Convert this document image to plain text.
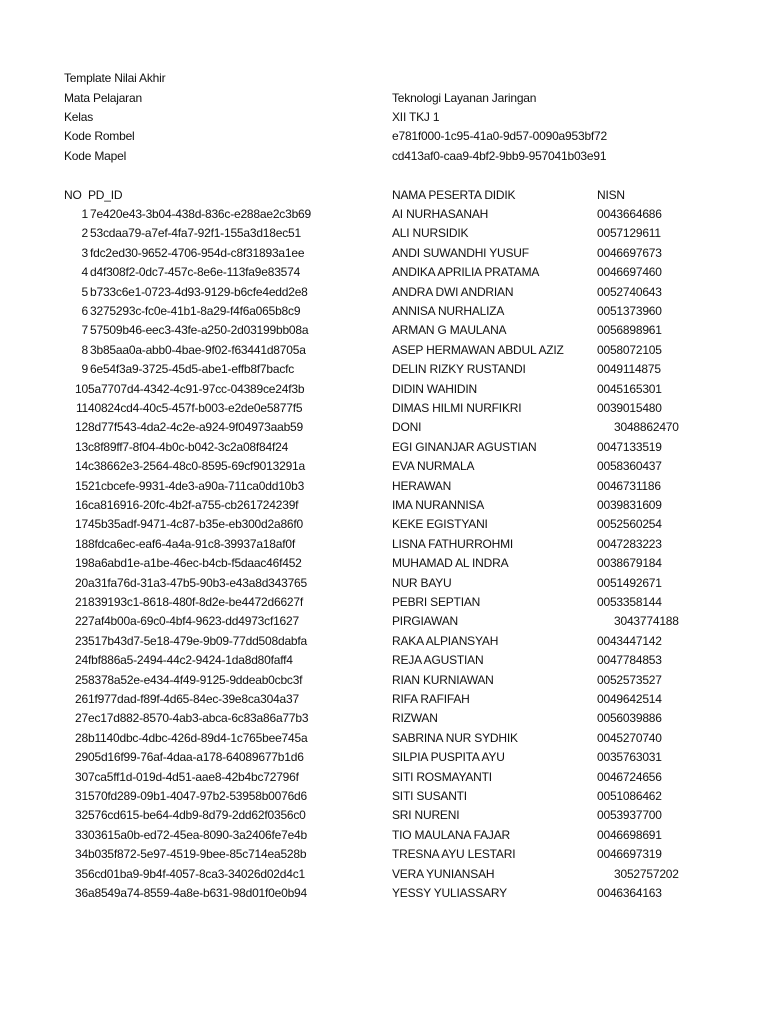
Template Nilai Akhir
Mata Pelajaran	Teknologi Layanan Jaringan
Kelas	XII TKJ 1
Kode Rombel	e781f000-1c95-41a0-9d57-0090a953bf72
Kode Mapel	cd413af0-caa9-4bf2-9bb9-957041b03e91
NO PD_ID	NAMA PESERTA DIDIK	NISN
1 7e420e43-3b04-438d-836c-e288ae2c3b69	AI NURHASANAH	0043664686
2 53cdaa79-a7ef-4fa7-92f1-155a3d18ec51	ALI NURSIDIK	0057129611
3 fdc2ed30-9652-4706-954d-c8f31893a1ee	ANDI SUWANDHI YUSUF	0046697673
4 d4f308f2-0dc7-457c-8e6e-113fa9e83574	ANDIKA APRILIA PRATAMA	0046697460
5 b733c6e1-0723-4d93-9129-b6cfe4edd2e8	ANDRA DWI ANDRIAN	0052740643
6 3275293c-fc0e-41b1-8a29-f4f6a065b8c9	ANNISA NURHALIZA	0051373960
7 57509b46-eec3-43fe-a250-2d03199bb08a	ARMAN G MAULANA	0056898961
8 3b85aa0a-abb0-4bae-9f02-f63441d8705a	ASEP HERMAWAN ABDUL AZIZ	0058072105
9 6e54f3a9-3725-45d5-abe1-effb8f7bacfc	DELIN RIZKY RUSTANDI	0049114875
10 5a7707d4-4342-4c91-97cc-04389ce24f3b	DIDIN WAHIDIN	0045165301
11 40824cd4-40c5-457f-b003-e2de0e5877f5	DIMAS HILMI NURFIKRI	0039015480
12 8d77f543-4da2-4c2e-a924-9f04973aab59	DONI	3048862470
13 c8f89ff7-8f04-4b0c-b042-3c2a08f84f24	EGI GINANJAR AGUSTIAN	0047133519
14 c38662e3-2564-48c0-8595-69cf9013291a	EVA NURMALA	0058360437
15 21cbcefe-9931-4de3-a90a-711ca0dd10b3	HERAWAN	0046731186
16 ca816916-20fc-4b2f-a755-cb261724239f	IMA NURANNISA	0039831609
17 45b35adf-9471-4c87-b35e-eb300d2a86f0	KEKE EGISTYANI	0052560254
18 8fdca6ec-eaf6-4a4a-91c8-39937a18af0f	LISNA FATHURROHMI	0047283223
19 8a6abd1e-a1be-46ec-b4cb-f5daac46f452	MUHAMAD AL INDRA	0038679184
20 a31fa76d-31a3-47b5-90b3-e43a8d343765	NUR BAYU	0051492671
21 839193c1-8618-480f-8d2e-be4472d6627f	PEBRI SEPTIAN	0053358144
22 7af4b00a-69c0-4bf4-9623-dd4973cf1627	PIRGIAWAN	3043774188
23 517b43d7-5e18-479e-9b09-77dd508dabfa	RAKA ALPIANSYAH	0043447142
24 fbf886a5-2494-44c2-9424-1da8d80faff4	REJA AGUSTIAN	0047784853
25 8378a52e-e434-4f49-9125-9ddeab0cbc3f	RIAN KURNIAWAN	0052573527
26 1f977dad-f89f-4d65-84ec-39e8ca304a37	RIFA RAFIFAH	0049642514
27 ec17d882-8570-4ab3-abca-6c83a86a77b3	RIZWAN	0056039886
28 b1140dbc-4dbc-426d-89d4-1c765bee745a	SABRINA NUR SYDHIK	0045270740
29 05d16f99-76af-4daa-a178-64089677b1d6	SILPIA PUSPITA AYU	0035763031
30 7ca5ff1d-019d-4d51-aae8-42b4bc72796f	SITI ROSMAYANTI	0046724656
31 570fd289-09b1-4047-97b2-53958b0076d6	SITI SUSANTI	0051086462
32 576cd615-be64-4db9-8d79-2dd62f0356c0	SRI NURENI	0053937700
33 03615a0b-ed72-45ea-8090-3a2406fe7e4b	TIO MAULANA FAJAR	0046698691
34 b035f872-5e97-4519-9bee-85c714ea528b	TRESNA AYU LESTARI	0046697319
35 6cd01ba9-9b4f-4057-8ca3-34026d02d4c1	VERA YUNIANSAH	3052757202
36 a8549a74-8559-4a8e-b631-98d01f0e0b94	YESSY YULIASSARY	0046364163
